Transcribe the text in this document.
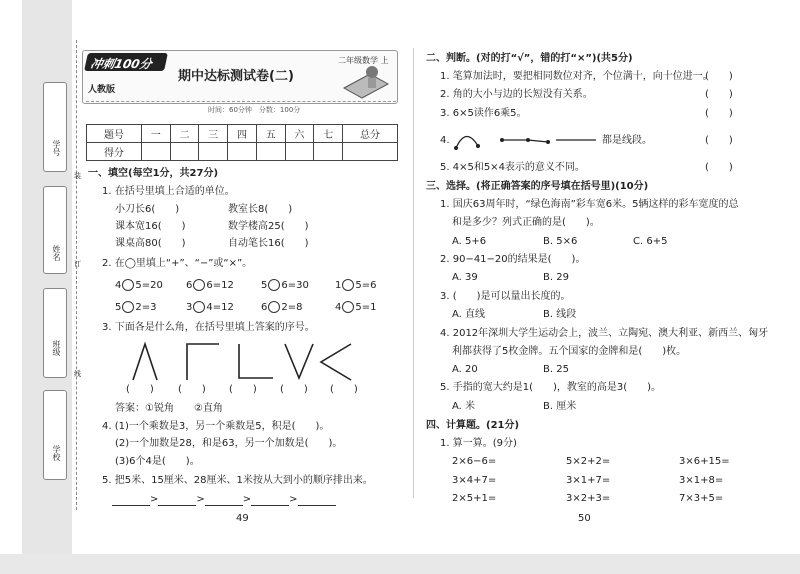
学号
姓名
班级
学校
装
订
线
冲刺100分
期中达标测试卷(二)
二年级数学 上
人教版
时间：60分钟　分数：100分
题号	一	二	三	四	五	六	七	总分
得分								
一、填空(每空1分，共27分)
1. 在括号里填上合适的单位。
小刀长6(　　)	教室长8(　　)
课本宽16(　　)	数学楼高25(　　)
课桌高80(　　)	自动笔长16(　　)
2. 在◯里填上“+”、“−”或“×”。
4 5=20 6 6=12	5 6=30	1 5=6
5 2=3	3 4=12	6 2=8	4 5=1
3. 下面各是什么角，在括号里填上答案的序号。
(　　) (　　) (　　) (　　) (　　)
答案：①锐角　　②直角
4. (1)一个乘数是3，另一个乘数是5，积是(　　)。
(2)一个加数是28，和是63，另一个加数是(　　)。
(3)6个4是(　　)。
5. 把5米、15厘米、28厘米、1米按从大到小的顺序排出来。
>	>	>	>
49
二、判断。(对的打“√”，错的打“×”)(共5分)
1. 笔算加法时，要把相同数位对齐，个位满十，向十位进一。
(　　)
2. 角的大小与边的长短没有关系。	(　　)
3. 6×5读作6乘5。	(　　)
4.	都是线段。	(　　)
5. 4×5和5×4表示的意义不同。	(　　)
三、选择。(将正确答案的序号填在括号里)(10分)
1. 国庆63周年时，“绿色海南”彩车宽6米。5辆这样的彩车宽度的总
和是多少？列式正确的是(　　)。
A. 5+6	B. 5×6	C. 6+5
2. 90−41−20的结果是(　　)。
A. 39	B. 29
3. (　　)是可以量出长度的。
A. 直线	B. 线段
4. 2012年深圳大学生运动会上，波兰、立陶宛、澳大利亚、新西兰、匈牙
利都获得了5枚金牌。五个国家的金牌和是(　　)枚。
A. 20	B. 25
5. 手指的宽大约是1(　　)，教室的高是3(　　)。
A. 米	B. 厘米
四、计算题。(21分)
1. 算一算。(9分)
2×6−6=	5×2+2=	3×6+15=
3×4+7=	3×1+7=	3×1+8=
2×5+1=	3×2+3=	7×3+5=
50
